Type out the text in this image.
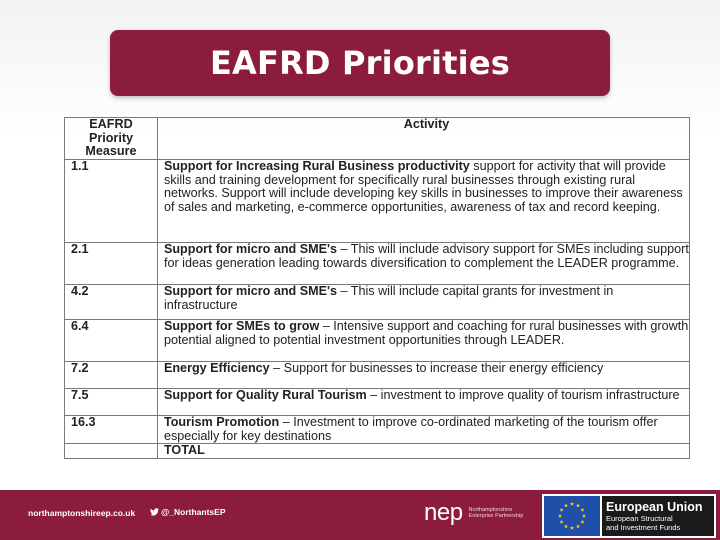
EAFRD Priorities
EAFRD Priority Measure	Activity
1.1	Support for Increasing Rural Business productivity support for activity that will provide skills and training development for specifically rural businesses through existing rural networks. Support will include developing key skills in businesses to improve their awareness of sales and marketing, e-commerce opportunities, awareness of tax and record keeping.
2.1	Support for micro and SME's – This will include advisory support for SMEs including support for ideas generation leading towards diversification to complement the LEADER programme.
4.2	Support for micro and SME's – This will include capital grants for investment in infrastructure
6.4	Support for SMEs to grow – Intensive support and coaching for rural businesses with growth potential aligned to potential investment opportunities through LEADER.
7.2	Energy Efficiency – Support for businesses to increase their energy efficiency
7.5	Support for Quality Rural Tourism – investment to improve quality of tourism infrastructure
16.3	Tourism Promotion – Investment to improve co-ordinated marketing of the tourism offer especially for key destinations
	TOTAL
northamptonshireep.co.uk	@_NorthantsEP	nep Northamptonshire
Enterprise Partnership
European Union
European Structural
and Investment Funds
